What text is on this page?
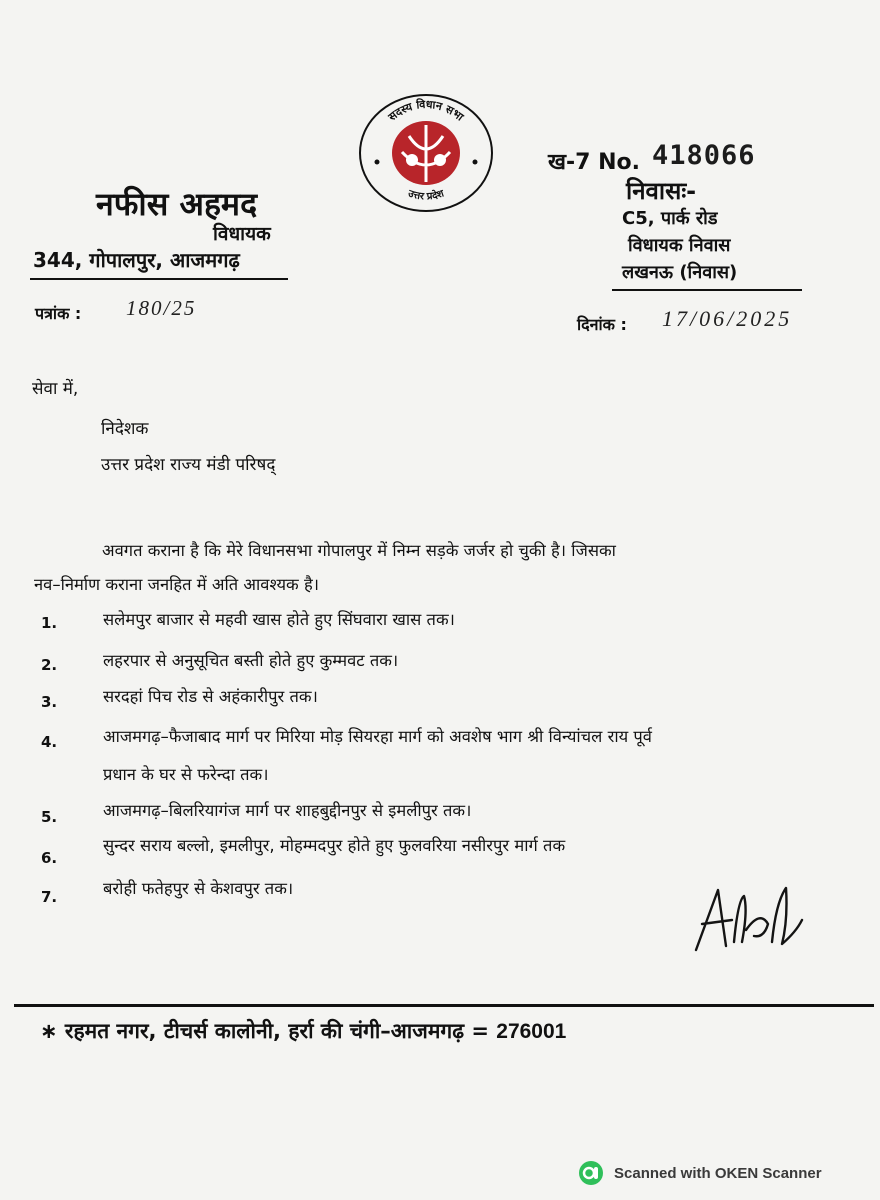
सदस्य विधान सभा
उत्तर प्रदेश
ख-7 No. 418066
नफीस अहमद
विधायक
344, गोपालपुर, आजमगढ़
निवासः-
C5, पार्क रोड
विधायक निवास
लखनऊ (निवास)
पत्रांक : 180/25
दिनांक : 17/06/2025
सेवा में,
निदेशक
उत्तर प्रदेश राज्य मंडी परिषद्
अवगत कराना है कि मेरे विधानसभा गोपालपुर में निम्न सड़के जर्जर हो चुकी है। जिसका
नव–निर्माण कराना जनहित में अति आवश्यक है।
1.	सलेमपुर बाजार से महवी खास होते हुए सिंघवारा खास तक।
2.	लहरपार से अनुसूचित बस्ती होते हुए कुम्मवट तक।
3.	सरदहां पिच रोड से अहंकारीपुर तक।
4.	आजमगढ़–फैजाबाद मार्ग पर मिरिया मोड़ सियरहा मार्ग को अवशेष भाग श्री विन्यांचल राय पूर्व
प्रधान के घर से फरेन्दा तक।
5.	आजमगढ़–बिलरियागंज मार्ग पर शाहबुद्दीनपुर से इमलीपुर तक।
6.
सुन्दर सराय बल्लो, इमलीपुर, मोहम्मदपुर होते हुए फुलवरिया नसीरपुर मार्ग तक
7.	बरोही फतेहपुर से केशवपुर तक।
∗ रहमत नगर, टीचर्स कालोनी, हर्रा की चंगी–आजमगढ़ = 276001
Scanned with OKEN Scanner
